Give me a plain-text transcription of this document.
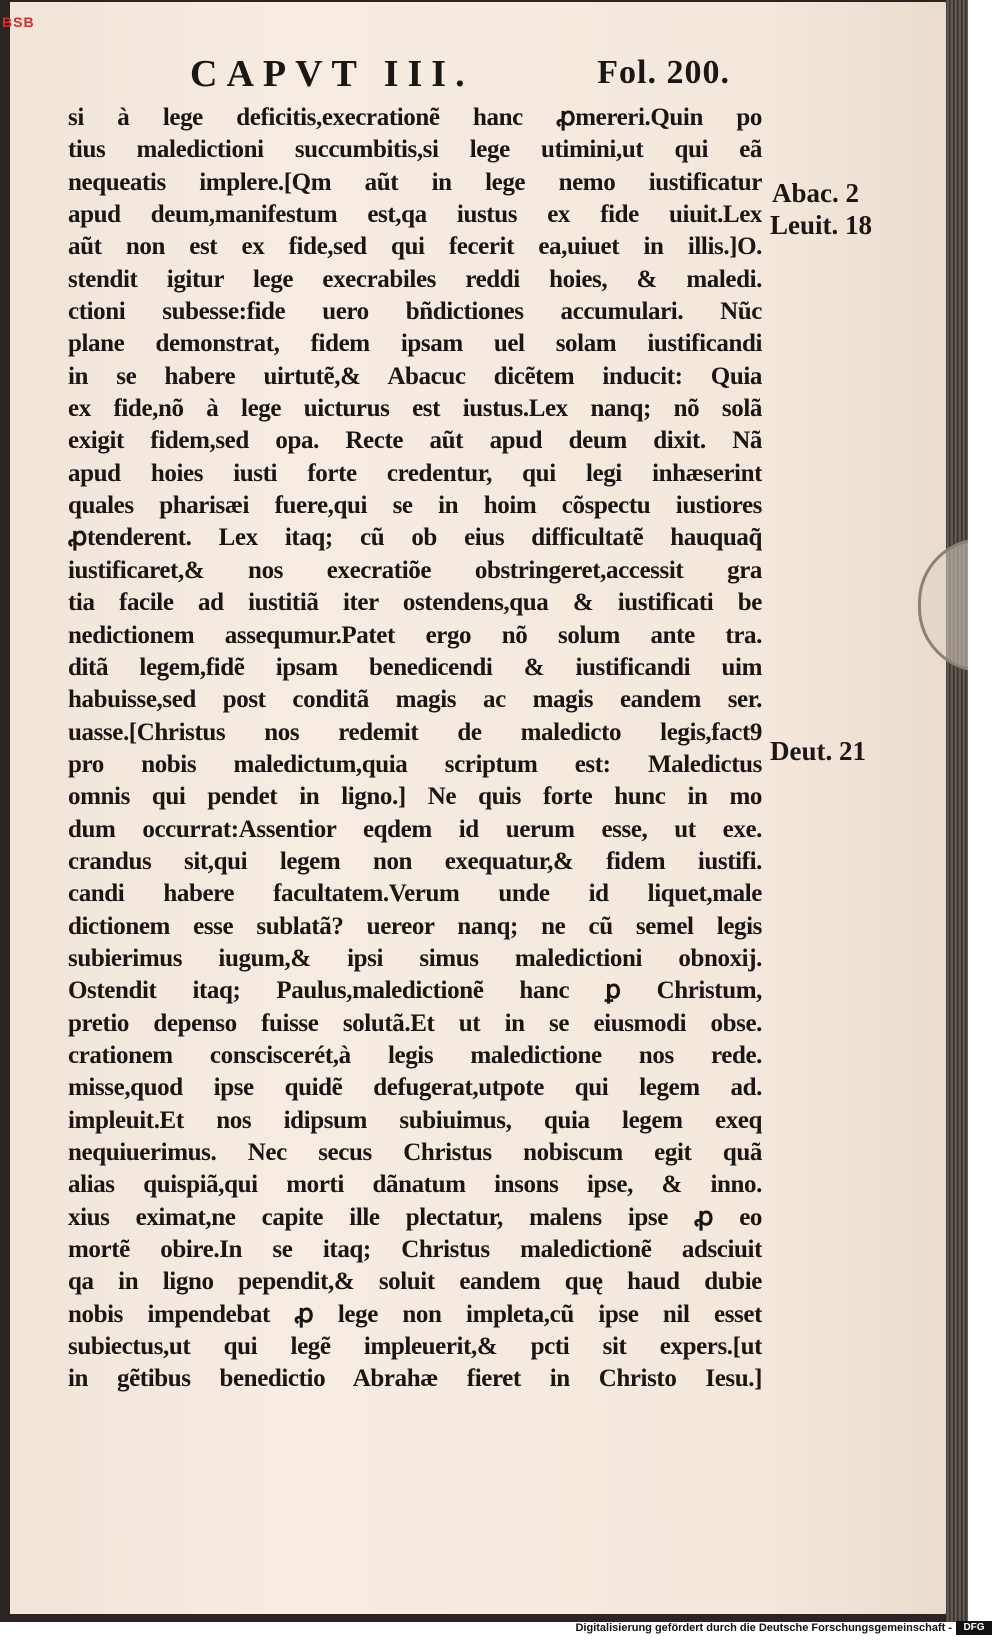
BSB
CAPVT III.	Fol. 200.
si à lege deficitis,execrationẽ hanc ꝓmereri.Quin po
tius maledictioni succumbitis,si lege utimini,ut qui eã
nequeatis implere.[Qm aũt in lege nemo iustificatur
apud deum,manifestum est,qa iustus ex fide uiuit.Lex
aũt non est ex fide,sed qui fecerit ea,uiuet in illis.]O.
stendit igitur lege execrabiles reddi hoies, & maledi.
ctioni subesse:fide uero bñdictiones accumulari. Nũc
plane demonstrat, fidem ipsam uel solam iustificandi
in se habere uirtutẽ,& Abacuc dicẽtem inducit: Quia
ex fide,nõ à lege uicturus est iustus.Lex nanq; nõ solã
exigit fidem,sed opa. Recte aũt apud deum dixit. Nã
apud hoies iusti forte credentur, qui legi inhæserint
quales pharisæi fuere,qui se in hoim cõspectu iustiores
ꝓtenderent. Lex itaq; cũ ob eius difficultatẽ hauquaq̃
iustificaret,& nos execratiõe obstringeret,accessit gra
tia facile ad iustitiã iter ostendens,qua & iustificati be
nedictionem assequmur.Patet ergo nõ solum ante tra.
ditã legem,fidẽ ipsam benedicendi & iustificandi uim
habuisse,sed post conditã magis ac magis eandem ser.
uasse.[Christus nos redemit de maledicto legis,fact9
pro nobis maledictum,quia scriptum est: Maledictus
omnis qui pendet in ligno.] Ne quis forte hunc in mo
dum occurrat:Assentior eqdem id uerum esse, ut exe.
crandus sit,qui legem non exequatur,& fidem iustifi.
candi habere facultatem.Verum unde id liquet,male
dictionem esse sublatã? uereor nanq; ne cũ semel legis
subierimus iugum,& ipsi simus maledictioni obnoxij.
Ostendit itaq; Paulus,maledictionẽ hanc ꝑ Christum,
pretio depenso fuisse solutã.Et ut in se eiusmodi obse.
crationem consciscerét,à legis maledictione nos rede.
misse,quod ipse quidẽ defugerat,utpote qui legem ad.
impleuit.Et nos idipsum subiuimus, quia legem exeq
nequiuerimus. Nec secus Christus nobiscum egit quã
alias quispiã,qui morti dãnatum insons ipse, & inno.
xius eximat,ne capite ille plectatur, malens ipse ꝓ eo
mortẽ obire.In se itaq; Christus maledictionẽ adsciuit
qa in ligno pependit,& soluit eandem quę haud dubie
nobis impendebat ꝓ lege non impleta,cũ ipse nil esset
subiectus,ut qui legẽ impleuerit,& pcti sit expers.[ut
in gẽtibus benedictio Abrahæ fieret in Christo Iesu.]
Abac. 2
Leuit. 18
Deut. 21
Digitalisierung gefördert durch die Deutsche Forschungsgemeinschaft -	DFG
